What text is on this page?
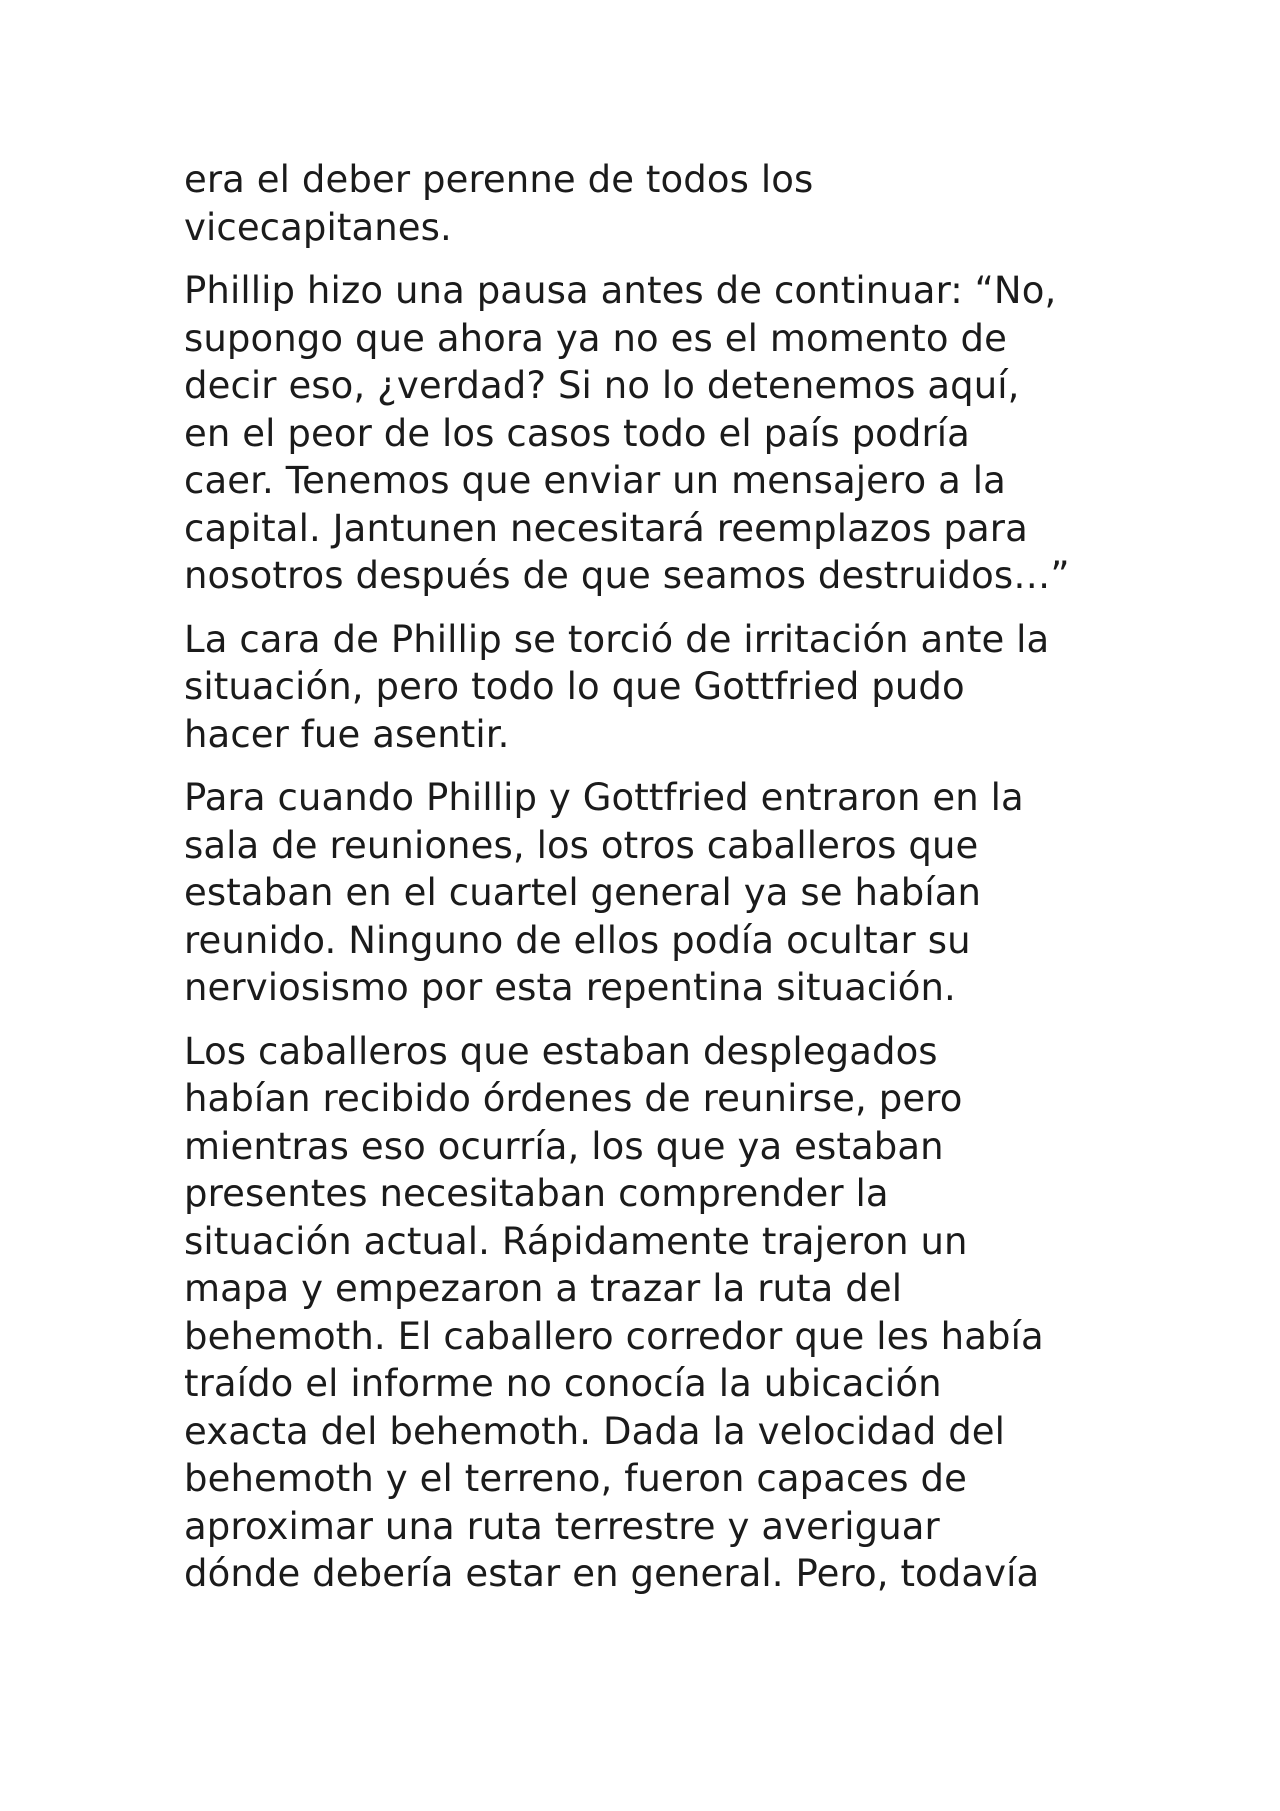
era el deber perenne de todos los
vicecapitanes.

Phillip hizo una pausa antes de continuar: “No,
supongo que ahora ya no es el momento de
decir eso, ¿verdad? Si no lo detenemos aquí,
en el peor de los casos todo el país podría
caer. Tenemos que enviar un mensajero a la
capital. Jantunen necesitará reemplazos para
nosotros después de que seamos destruidos…”

La cara de Phillip se torció de irritación ante la
situación, pero todo lo que Gottfried pudo
hacer fue asentir.

Para cuando Phillip y Gottfried entraron en la
sala de reuniones, los otros caballeros que
estaban en el cuartel general ya se habían
reunido. Ninguno de ellos podía ocultar su
nerviosismo por esta repentina situación.

Los caballeros que estaban desplegados
habían recibido órdenes de reunirse, pero
mientras eso ocurría, los que ya estaban
presentes necesitaban comprender la
situación actual. Rápidamente trajeron un
mapa y empezaron a trazar la ruta del
behemoth. El caballero corredor que les había
traído el informe no conocía la ubicación
exacta del behemoth. Dada la velocidad del
behemoth y el terreno, fueron capaces de
aproximar una ruta terrestre y averiguar
dónde debería estar en general. Pero, todavía
